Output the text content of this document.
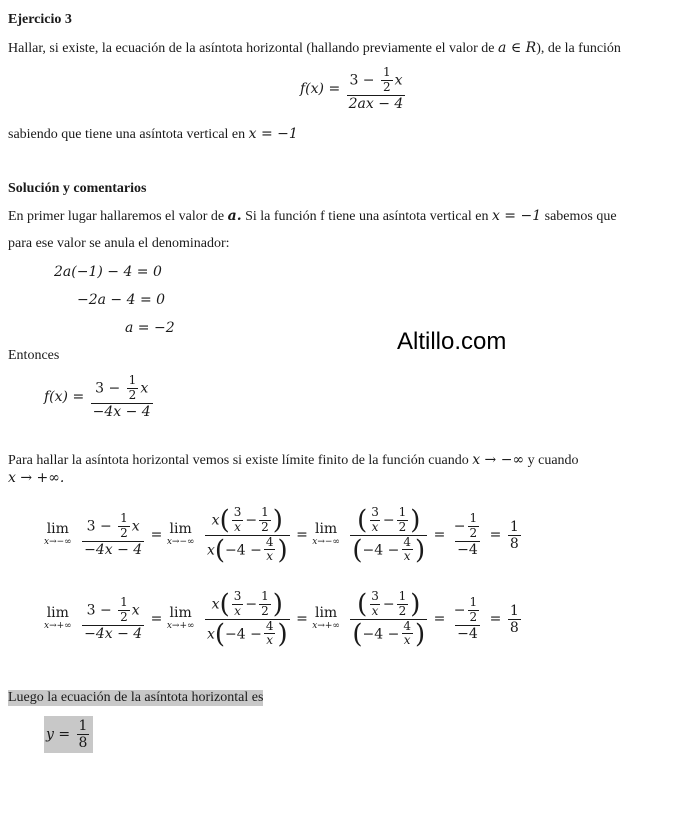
Ejercicio 3
Hallar, si existe, la ecuación de la asíntota horizontal (hallando previamente el valor de a ∈ R), de la función
$f(x) = \frac{3 - \frac{1}{2} x}{2ax - 4}$
sabiendo que tiene una asíntota vertical en x = −1
Solución y comentarios
En primer lugar hallaremos el valor de a. Si la función f tiene una asíntota vertical en x = −1 sabemos que
para ese valor se anula el denominador:
2a(−1) − 4 = 0
−2a − 4 = 0
a = −2	Altillo.com
Entonces
$f(x) = \frac{3 - \frac{1}{2} x}{-4x - 4}$
Para hallar la asíntota horizontal vemos si existe límite finito de la función cuando x → −∞ y cuando
x → +∞.
lim
x→−∞
$\frac{3 - \frac{1}{2} x}{-4x - 4} = \lim$
x→−∞
$\frac{x( \frac{3}{x} - \frac{1}{2} )}{x(-4 - \frac{4}{x} )} = \lim$
x→−∞
$\frac{( \frac{3}{x} - \frac{1}{2} )}{(-4 - \frac{4}{x} )} = \frac{- \frac{1}{2}}{-4} = \frac{1}{8}$
lim
x→+∞
$\frac{3 - \frac{1}{2} x}{-4x - 4} = \lim$
x→+∞
$\frac{x( \frac{3}{x} - \frac{1}{2} )}{x(-4 - \frac{4}{x} )} = \lim$
x→+∞
$\frac{( \frac{3}{x} - \frac{1}{2} )}{(-4 - \frac{4}{x} )} = \frac{- \frac{1}{2}}{-4} = \frac{1}{8}$
Luego la ecuación de la asíntota horizontal es
$y = \frac{1}{8}$
